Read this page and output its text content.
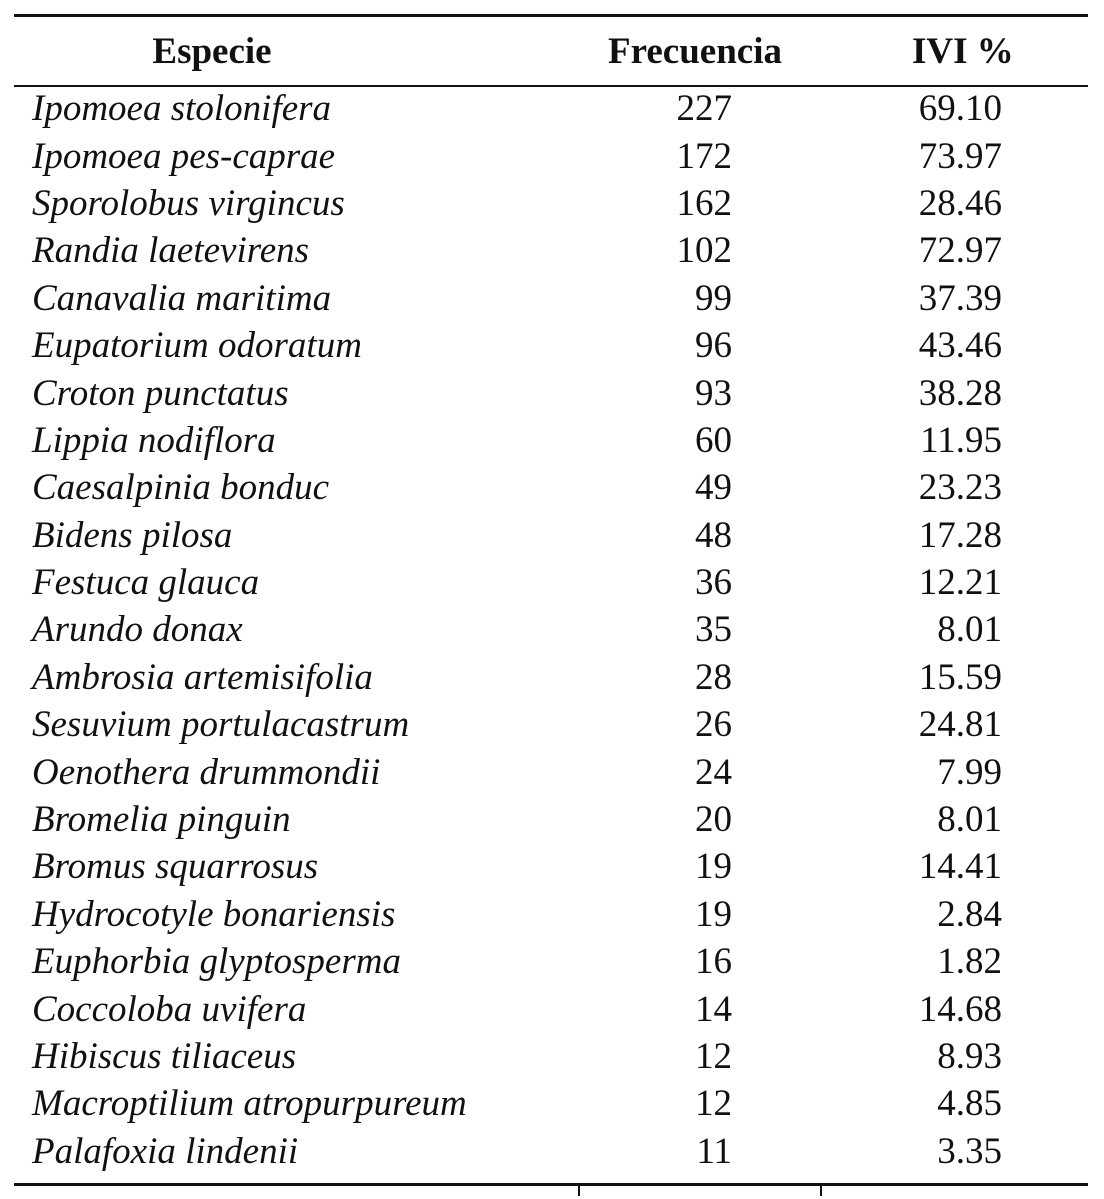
Especie	Frecuencia	IVI %
Ipomoea stolonifera	227	69.10
Ipomoea pes-caprae	172	73.97
Sporolobus virgincus	162	28.46
Randia laetevirens	102	72.97
Canavalia maritima	99	37.39
Eupatorium odoratum	96	43.46
Croton punctatus	93	38.28
Lippia nodiflora	60	11.95
Caesalpinia bonduc	49	23.23
Bidens pilosa	48	17.28
Festuca glauca	36	12.21
Arundo donax	35	8.01
Ambrosia artemisifolia	28	15.59
Sesuvium portulacastrum	26	24.81
Oenothera drummondii	24	7.99
Bromelia pinguin	20	8.01
Bromus squarrosus	19	14.41
Hydrocotyle bonariensis	19	2.84
Euphorbia glyptosperma	16	1.82
Coccoloba uvifera	14	14.68
Hibiscus tiliaceus	12	8.93
Macroptilium atropurpureum	12	4.85
Palafoxia lindenii	11	3.35
